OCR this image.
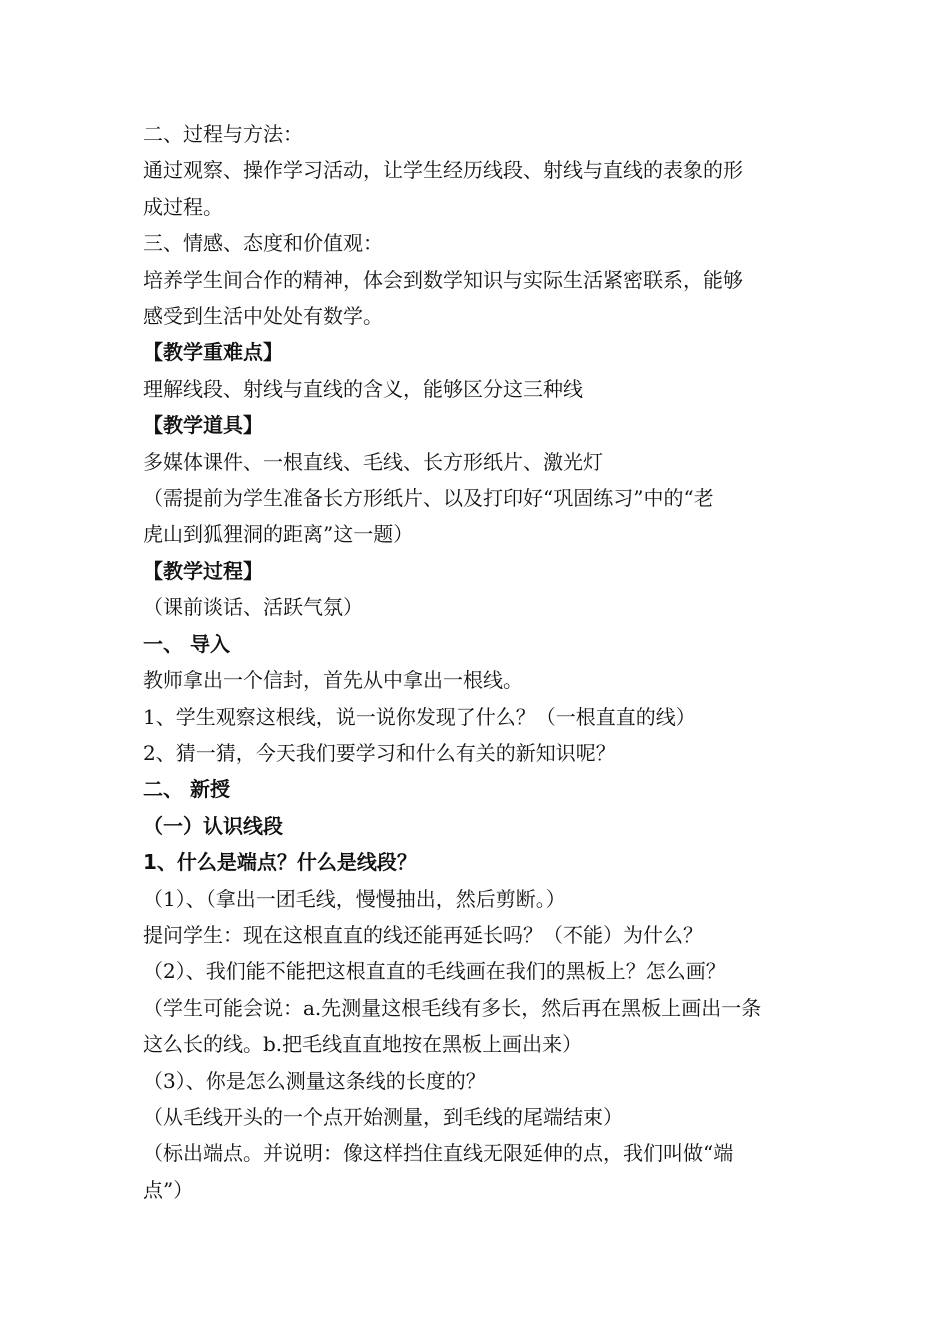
二、过程与方法：

通过观察、操作学习活动，让学生经历线段、射线与直线的表象的形

成过程。

三、情感、态度和价值观：

培养学生间合作的精神，体会到数学知识与实际生活紧密联系，能够

感受到生活中处处有数学。

【教学重难点】

理解线段、射线与直线的含义，能够区分这三种线

【教学道具】

多媒体课件、一根直线、毛线、长方形纸片、激光灯

（需提前为学生准备长方形纸片、以及打印好“巩固练习”中的“老

虎山到狐狸洞的距离”这一题）

【教学过程】

（课前谈话、活跃气氛）

一、 导入

教师拿出一个信封，首先从中拿出一根线。

1、学生观察这根线，说一说你发现了什么？（一根直直的线）

2、猜一猜，今天我们要学习和什么有关的新知识呢？

二、 新授

（一）认识线段

1、什么是端点？什么是线段？

（1）、（拿出一团毛线，慢慢抽出，然后剪断。）

提问学生：现在这根直直的线还能再延长吗？（不能）为什么？

（2）、我们能不能把这根直直的毛线画在我们的黑板上？怎么画？

（学生可能会说：a.先测量这根毛线有多长，然后再在黑板上画出一条

这么长的线。b.把毛线直直地按在黑板上画出来）

（3）、你是怎么测量这条线的长度的？

（从毛线开头的一个点开始测量，到毛线的尾端结束）

（标出端点。并说明：像这样挡住直线无限延伸的点，我们叫做“端

点”）
